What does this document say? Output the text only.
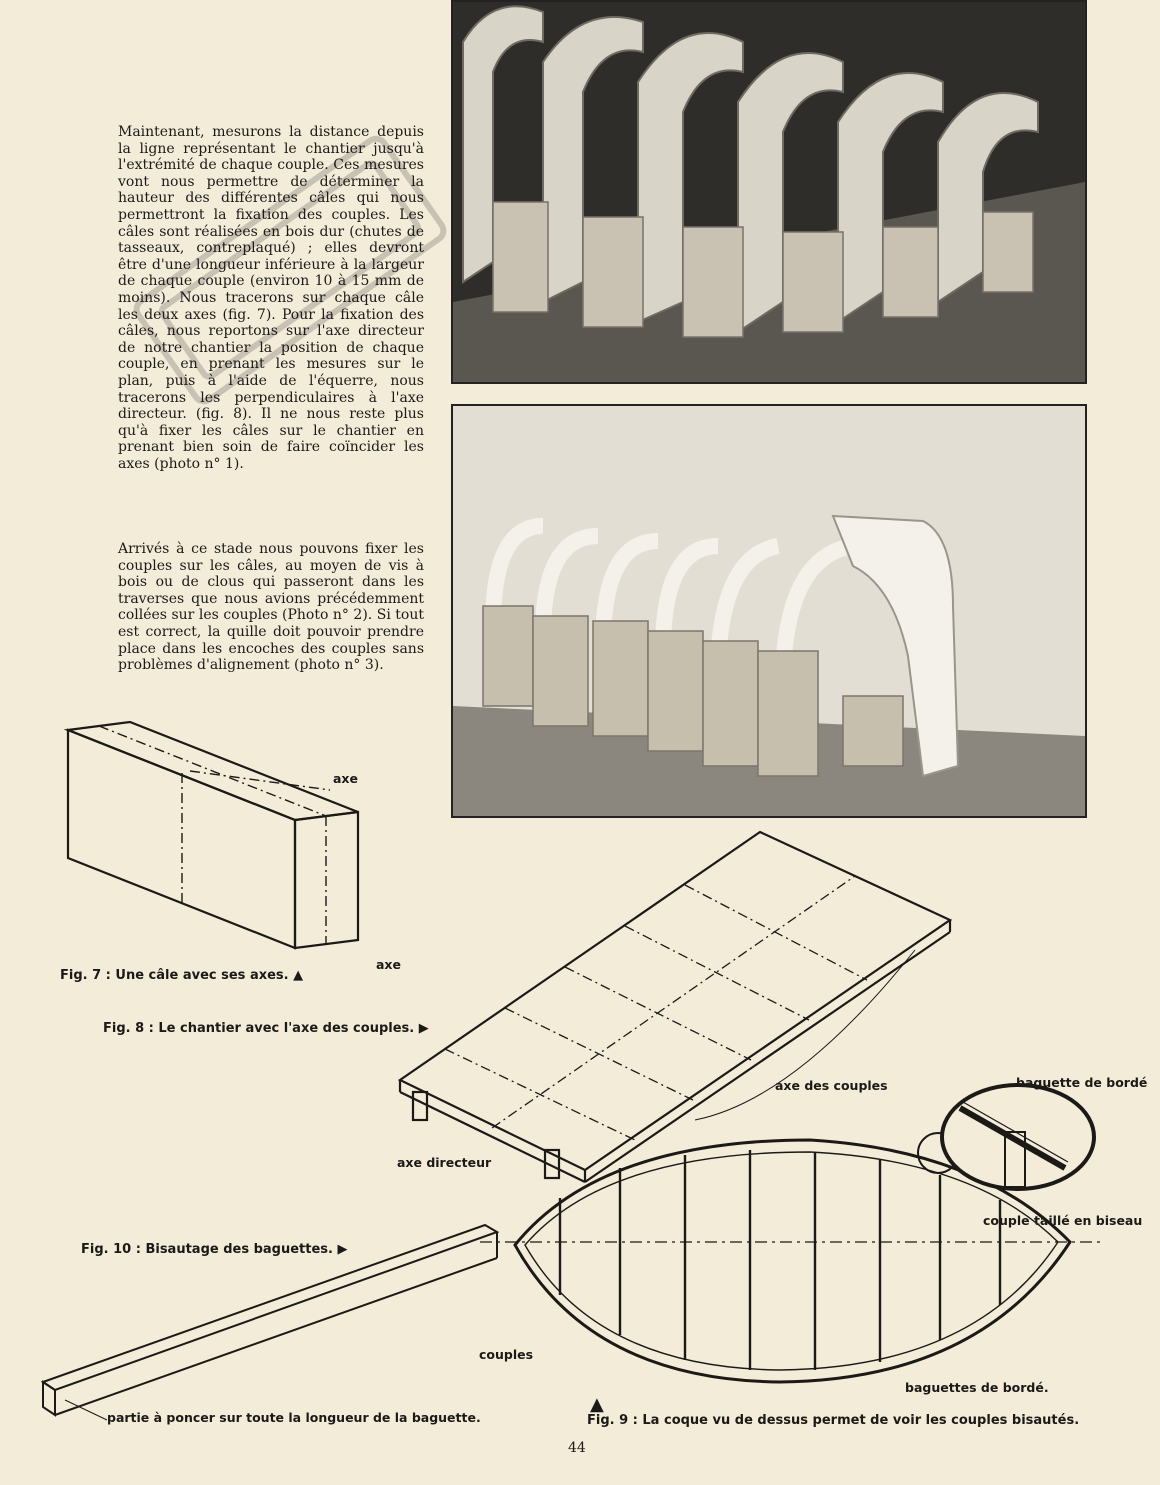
Maintenant, mesurons la distance depuis la ligne représentant le chantier jusqu'à l'extrémité de chaque couple. Ces mesures vont nous permettre de déterminer la hauteur des différentes câles qui nous permettront la fixation des couples. Les câles sont réalisées en bois dur (chutes de tasseaux, contreplaqué) ; elles devront être d'une longueur inférieure à la largeur de chaque couple (environ 10 à 15 mm de moins). Nous tracerons sur chaque câle les deux axes (fig. 7). Pour la fixation des câles, nous reportons sur l'axe directeur de notre chantier la position de chaque couple, en prenant les mesures sur le plan, puis à l'aide de l'équerre, nous tracerons les perpendiculaires à l'axe directeur. (fig. 8). Il ne nous reste plus qu'à fixer les câles sur le chantier en prenant bien soin de faire coïncider les axes (photo n° 1).

Arrivés à ce stade nous pouvons fixer les couples sur les câles, au moyen de vis à bois ou de clous qui passeront dans les traverses que nous avions précédemment collées sur les couples (Photo n° 2). Si tout est correct, la quille doit pouvoir prendre place dans les encoches des couples sans problèmes d'alignement (photo n° 3).

axe
axe
Fig. 7 : Une câle avec ses axes. ▲
axe des couples
axe directeur
Fig. 8 : Le chantier avec l'axe des couples. ▶
baguette de bordé
couple taillé en biseau
couples
baguettes de bordé.
▲
Fig. 9 : La coque vu de dessus permet de voir les couples bisautés.
partie à poncer sur toute la longueur de la baguette.
Fig. 10 : Bisautage des baguettes. ▶
44
